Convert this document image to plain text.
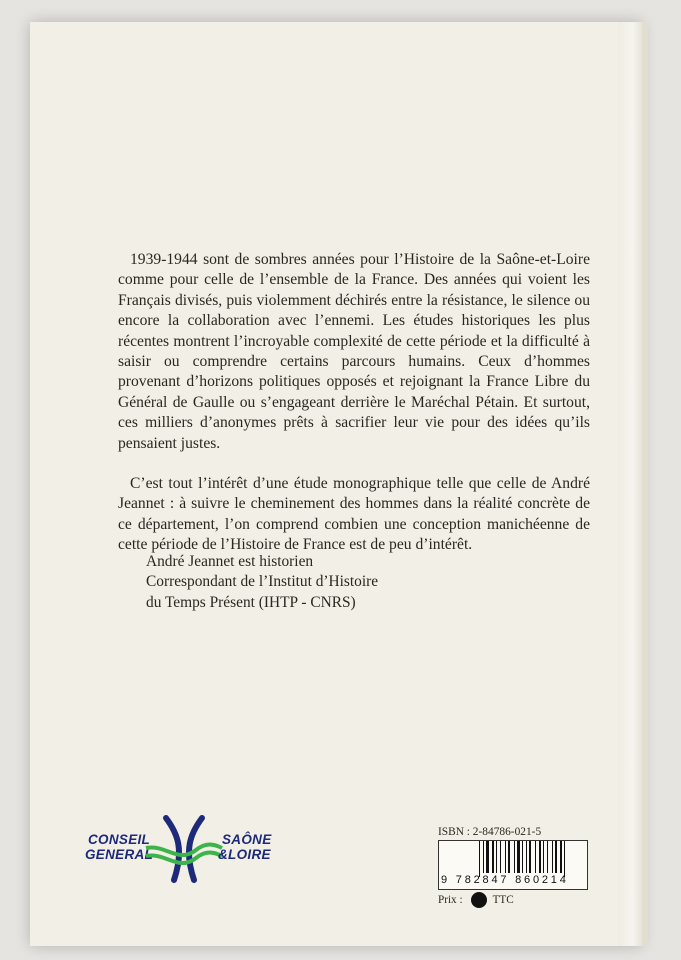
1939-1944 sont de sombres années pour l’Histoire de la Saône-et-Loire comme pour celle de l’ensemble de la France. Des années qui voient les Français divisés, puis violemment déchirés entre la résistance, le silence ou encore la collaboration avec l’ennemi. Les études historiques les plus récentes montrent l’incroyable complexité de cette période et la difficulté à saisir ou comprendre certains parcours humains. Ceux d’hommes provenant d’horizons politiques opposés et rejoignant la France Libre du Général de Gaulle ou s’engageant derrière le Maréchal Pétain. Et surtout, ces milliers d’anonymes prêts à sacrifier leur vie pour des idées qu’ils pensaient justes.

C’est tout l’intérêt d’une étude monographique telle que celle de André Jeannet : à suivre le cheminement des hommes dans la réalité concrète de ce département, l’on comprend combien une conception manichéenne de cette période de l’Histoire de France est de peu d’intérêt.

André Jeannet est historien
Correspondant de l’Institut d’Histoire
du Temps Présent (IHTP - CNRS)
CONSEIL
GENERAL
SAÔNE
&LOIRE
ISBN : 2-84786-021-5
9 782847 860214
Prix :	TTC
